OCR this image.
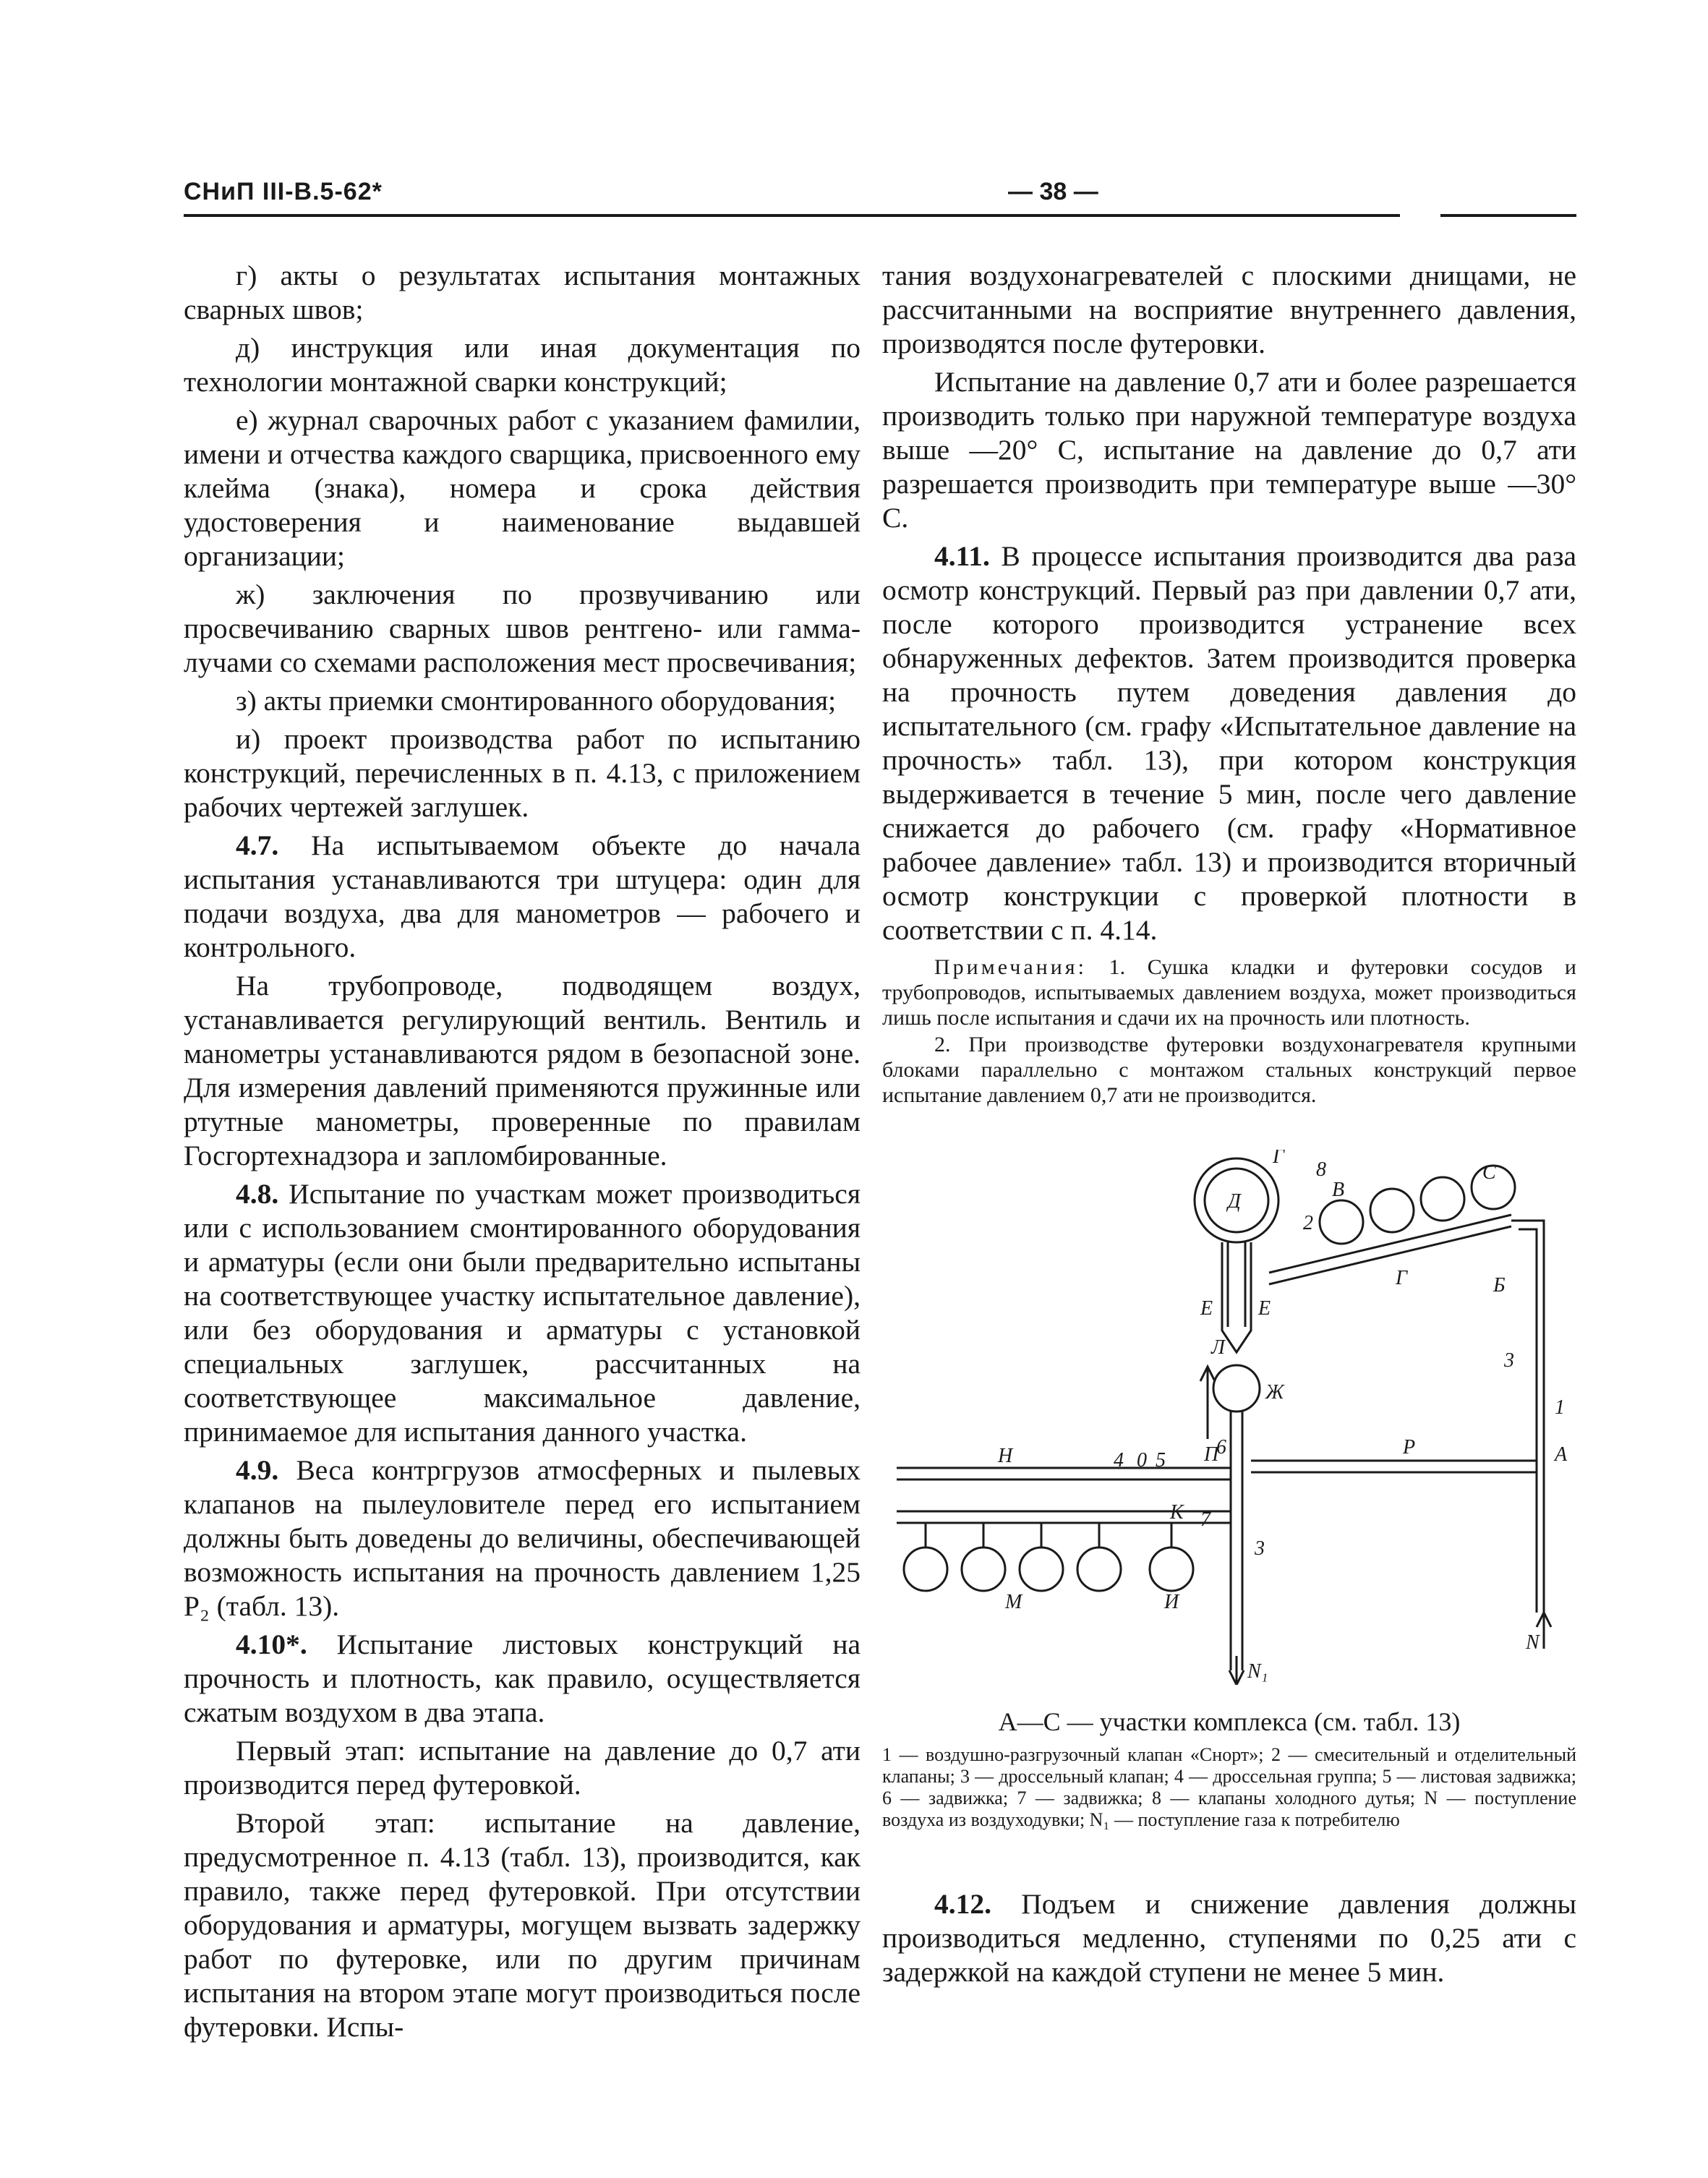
СНиП III-В.5-62*	— 38 —

г) акты о результатах испытания монтажных сварных швов;

д) инструкция или иная документация по технологии монтажной сварки конструкций;

е) журнал сварочных работ с указанием фамилии, имени и отчества каждого сварщика, присвоенного ему клейма (знака), номера и срока действия удостоверения и наименование выдавшей организации;

ж) заключения по прозвучиванию или просвечиванию сварных швов рентгено- или гамма-лучами со схемами расположения мест просвечивания;

з) акты приемки смонтированного оборудования;

и) проект производства работ по испытанию конструкций, перечисленных в п. 4.13, с приложением рабочих чертежей заглушек.

4.7. На испытываемом объекте до начала испытания устанавливаются три штуцера: один для подачи воздуха, два для манометров — рабочего и контрольного.

На трубопроводе, подводящем воздух, устанавливается регулирующий вентиль. Вентиль и манометры устанавливаются рядом в безопасной зоне. Для измерения давлений применяются пружинные или ртутные манометры, проверенные по правилам Госгортехнадзора и запломбированные.

4.8. Испытание по участкам может производиться или с использованием смонтированного оборудования и арматуры (если они были предварительно испытаны на соответствующее участку испытательное давление), или без оборудования и арматуры с установкой специальных заглушек, рассчитанных на соответствующее максимальное давление, принимаемое для испытания данного участка.

4.9. Веса контргрузов атмосферных и пылевых клапанов на пылеуловителе перед его испытанием должны быть доведены до величины, обеспечивающей возможность испытания на прочность давлением 1,25 P₂ (табл. 13).

4.10*. Испытание листовых конструкций на прочность и плотность, как правило, осуществляется сжатым воздухом в два этапа.

Первый этап: испытание на давление до 0,7 ати производится перед футеровкой.

Второй этап: испытание на давление, предусмотренное п. 4.13 (табл. 13), производится, как правило, также перед футеровкой. При отсутствии оборудования и арматуры, могущем вызвать задержку работ по футеровке, или по другим причинам испытания на втором этапе могут производиться после футеровки. Испы-

тания воздухонагревателей с плоскими днищами, не рассчитанными на восприятие внутреннего давления, производятся после футеровки.

Испытание на давление 0,7 ати и более разрешается производить только при наружной температуре воздуха выше —20° С, испытание на давление до 0,7 ати разрешается производить при температуре выше —30° С.

4.11. В процессе испытания производится два раза осмотр конструкций. Первый раз при давлении 0,7 ати, после которого производится устранение всех обнаруженных дефектов. Затем производится проверка на прочность путем доведения давления до испытательного (см. графу «Испытательное давление на прочность» табл. 13), при котором конструкция выдерживается в течение 5 мин, после чего давление снижается до рабочего (см. графу «Нормативное рабочее давление» табл. 13) и производится вторичный осмотр конструкции с проверкой плотности в соответствии с п. 4.14.

Примечания: 1. Сушка кладки и футеровки сосудов и трубопроводов, испытываемых давлением воздуха, может производиться лишь после испытания и сдачи их на прочность или плотность.

2. При производстве футеровки воздухонагревателя крупными блоками параллельно с монтажом стальных конструкций первое испытание давлением 0,7 ати не производится.

Г
Д
Е Е
В
С
Г	Б
Л
Ж
А
П	Р
Н
К
М	И
N
N₁
1
2
3
3
4 5
6
7
8
0
А—С — участки комплекса (см. табл. 13)
1 — воздушно-разгрузочный клапан «Снорт»; 2 — смесительный и отделительный клапаны; 3 — дроссельный клапан; 4 — дроссельная группа; 5 — листовая задвижка; 6 — задвижка; 7 — задвижка; 8 — клапаны холодного дутья; N — поступление воздуха из воздуходувки; N₁ — поступление газа к потребителю

4.12. Подъем и снижение давления должны производиться медленно, ступенями по 0,25 ати с задержкой на каждой ступени не менее 5 мин.
